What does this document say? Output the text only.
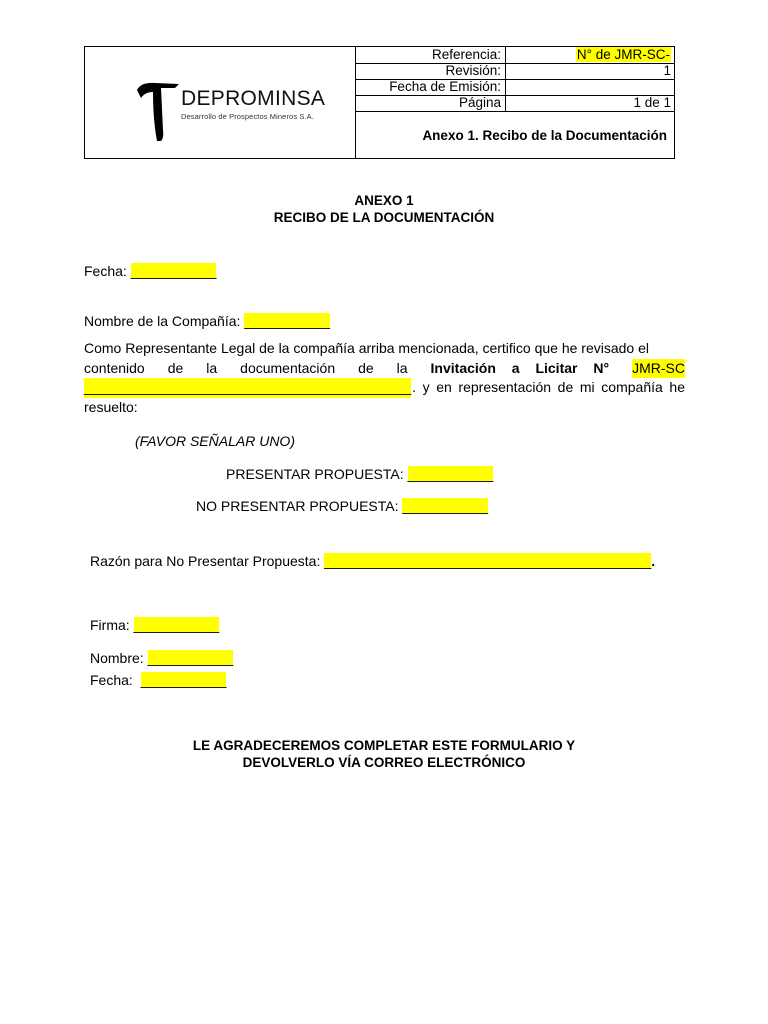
DEPROMINSA
Desarrollo de Prospectos Mineros S.A.
Referencia:	N° de JMR-SC-
Revisión:	1
Fecha de Emisión:
Página	1 de 1
Anexo 1. Recibo de la Documentación
ANEXO 1
RECIBO DE LA DOCUMENTACIÓN
Fecha: ___________
Nombre de la Compañía: ___________
Como Representante Legal de la compañía arriba mencionada, certifico que he revisado el
contenido de la documentación de la Invitación a Licitar N° JMR-SC
__________________________________________ . y en representación de mi compañía he
resuelto:
(FAVOR SEÑALAR UNO)
PRESENTAR PROPUESTA: ___________
NO PRESENTAR PROPUESTA: ___________
Razón para No Presentar Propuesta: __________________________________________.
Firma: ___________
Nombre: ___________
Fecha: ___________
LE AGRADECEREMOS COMPLETAR ESTE FORMULARIO Y
DEVOLVERLO VÍA CORREO ELECTRÓNICO
